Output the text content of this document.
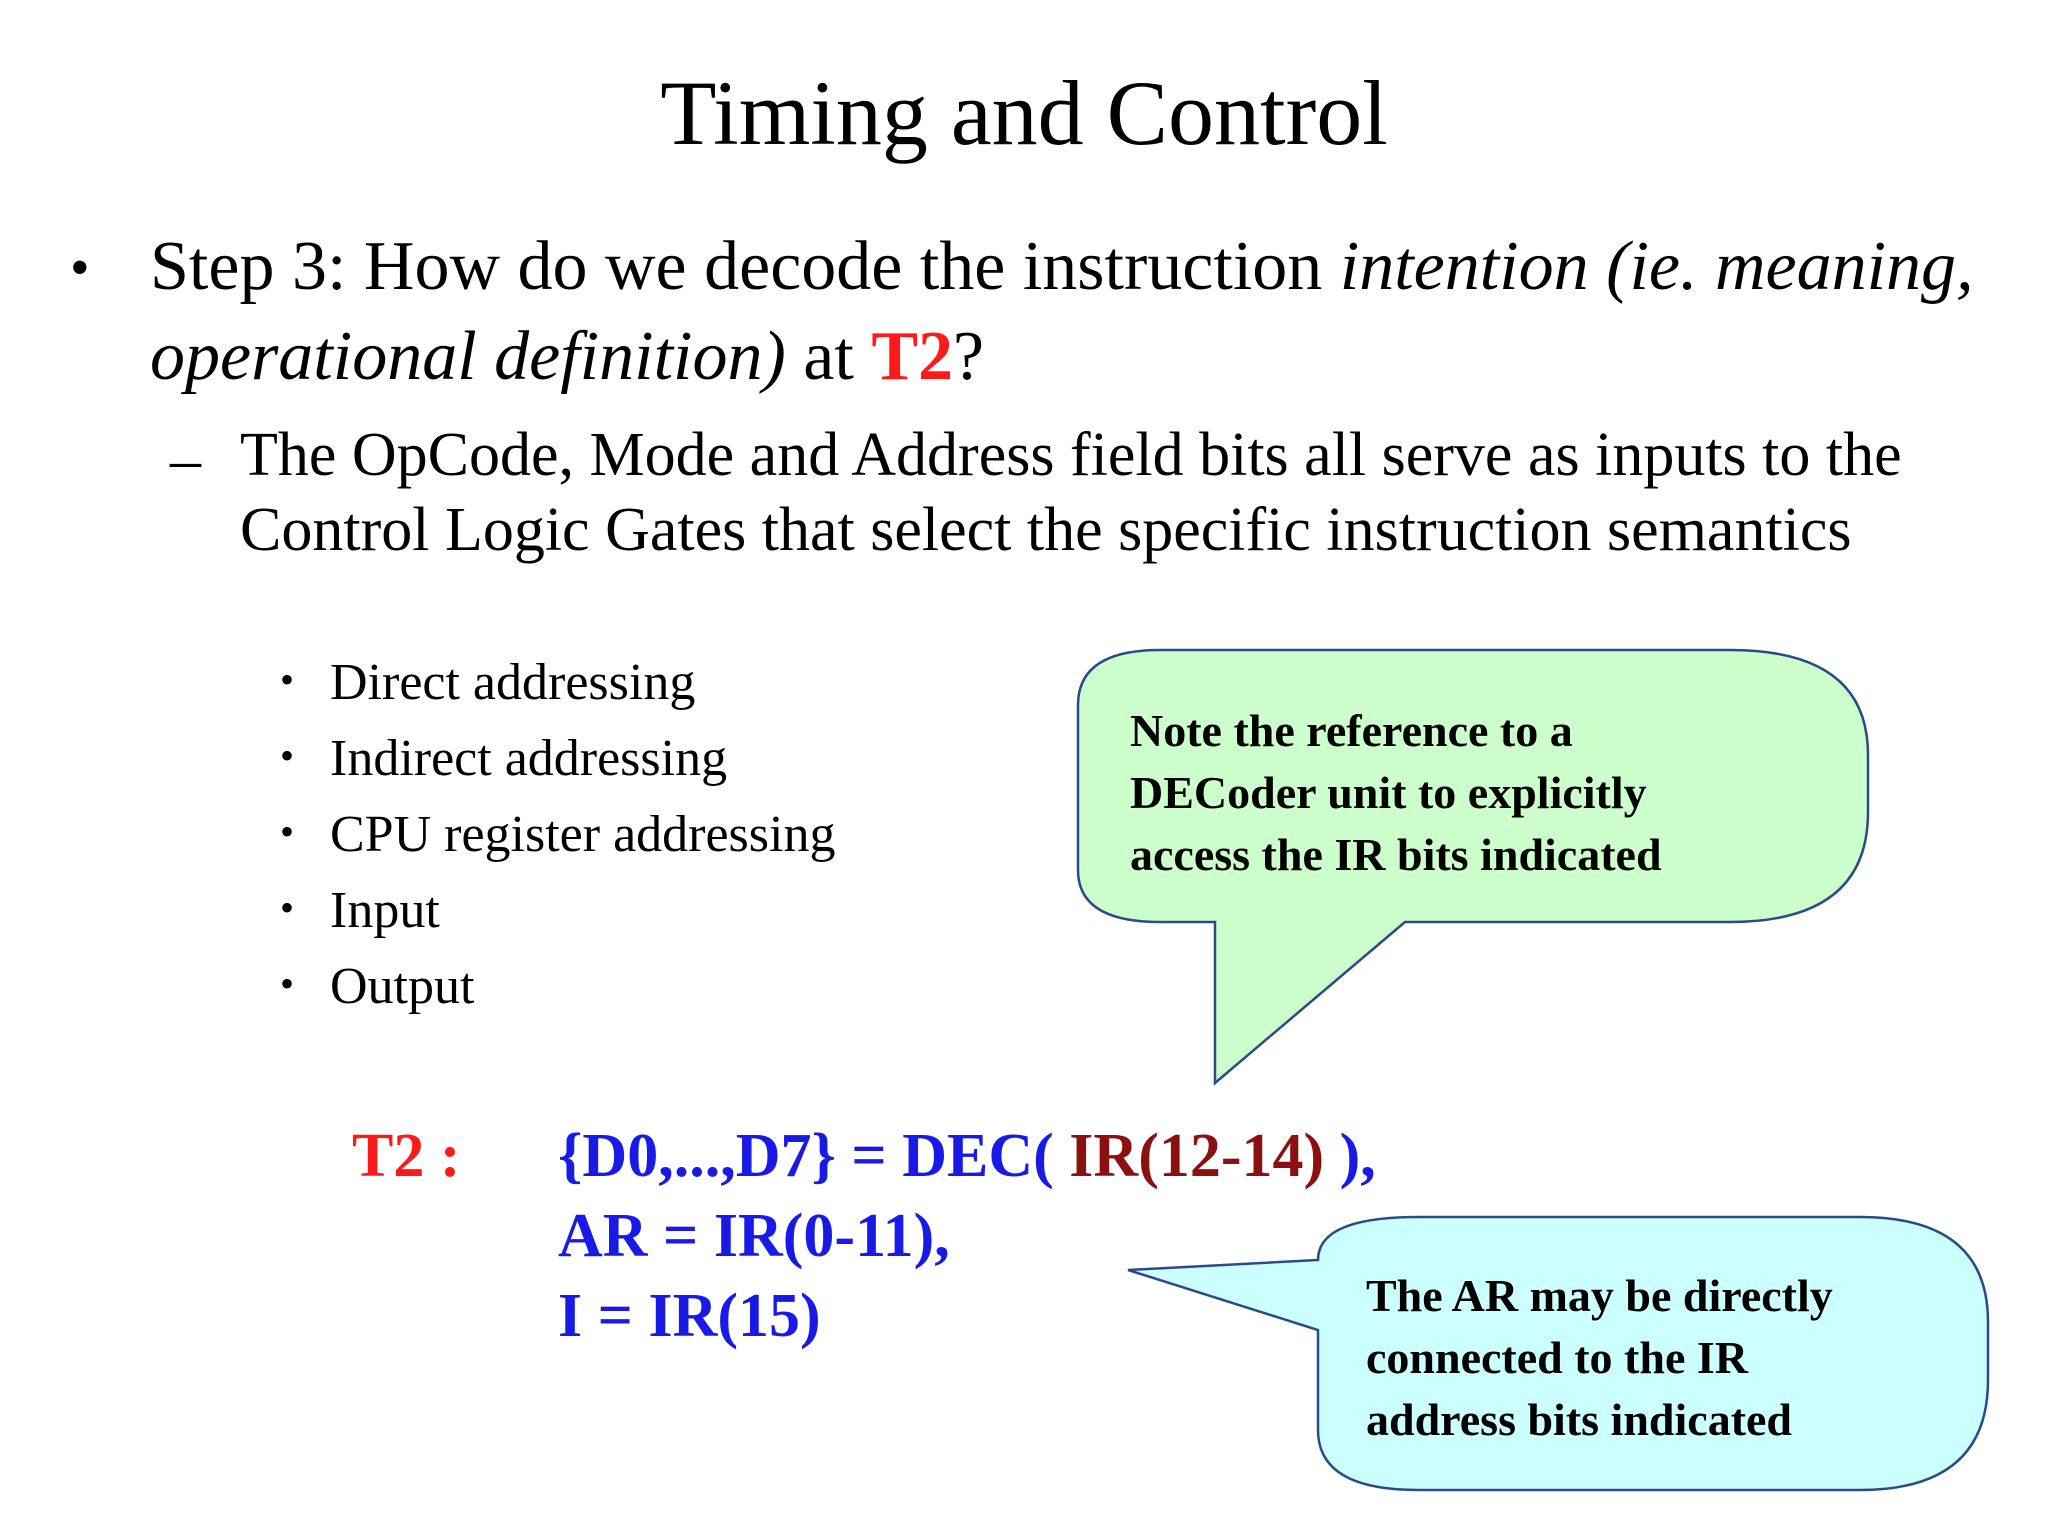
Timing and Control
• Step 3: How do we decode the instruction intention (ie. meaning, operational definition) at T2?
– The OpCode, Mode and Address field bits all serve as inputs to the Control Logic Gates that select the specific instruction semantics
• Direct addressing
• Indirect addressing
• CPU register addressing
• Input
• Output
Note the reference to a
DECoder unit to explicitly
access the IR bits indicated
The AR may be directly
connected to the IR
address bits indicated
T2 : {D0,...,D7} = DEC( IR(12-14) ),
AR = IR(0-11),
I = IR(15)
